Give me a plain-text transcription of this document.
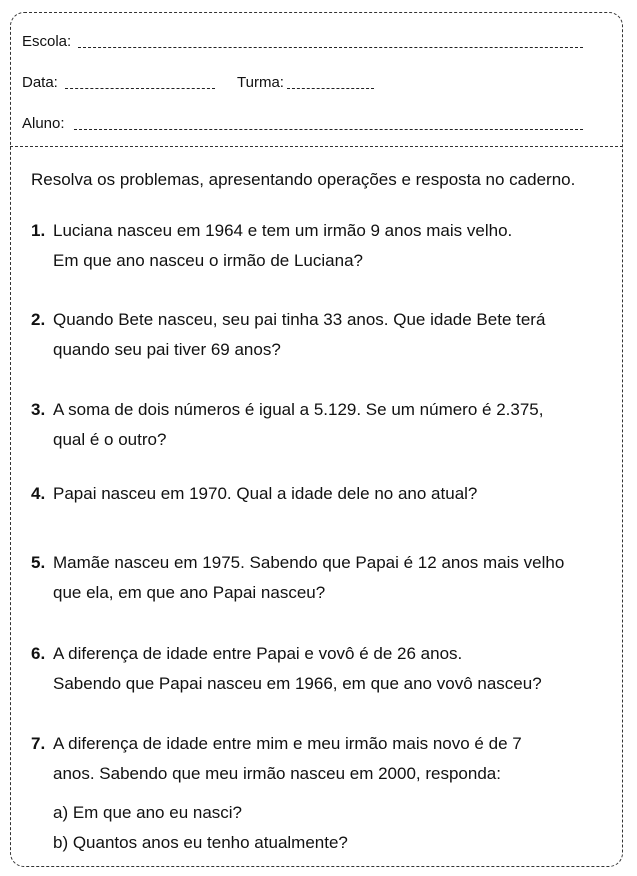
Escola:
Data:	Turma:
Aluno:
Resolva os problemas, apresentando operações e resposta no caderno.
1. Luciana nasceu em 1964 e tem um irmão 9 anos mais velho.
Em que ano nasceu o irmão de Luciana?
2. Quando Bete nasceu, seu pai tinha 33 anos. Que idade Bete terá
quando seu pai tiver 69 anos?
3. A soma de dois números é igual a 5.129. Se um número é 2.375,
qual é o outro?
4. Papai nasceu em 1970. Qual a idade dele no ano atual?
5. Mamãe nasceu em 1975. Sabendo que Papai é 12 anos mais velho
que ela, em que ano Papai nasceu?
6. A diferença de idade entre Papai e vovô é de 26 anos.
Sabendo que Papai nasceu em 1966, em que ano vovô nasceu?
7. A diferença de idade entre mim e meu irmão mais novo é de 7
anos. Sabendo que meu irmão nasceu em 2000, responda:
a) Em que ano eu nasci?
b) Quantos anos eu tenho atualmente?
